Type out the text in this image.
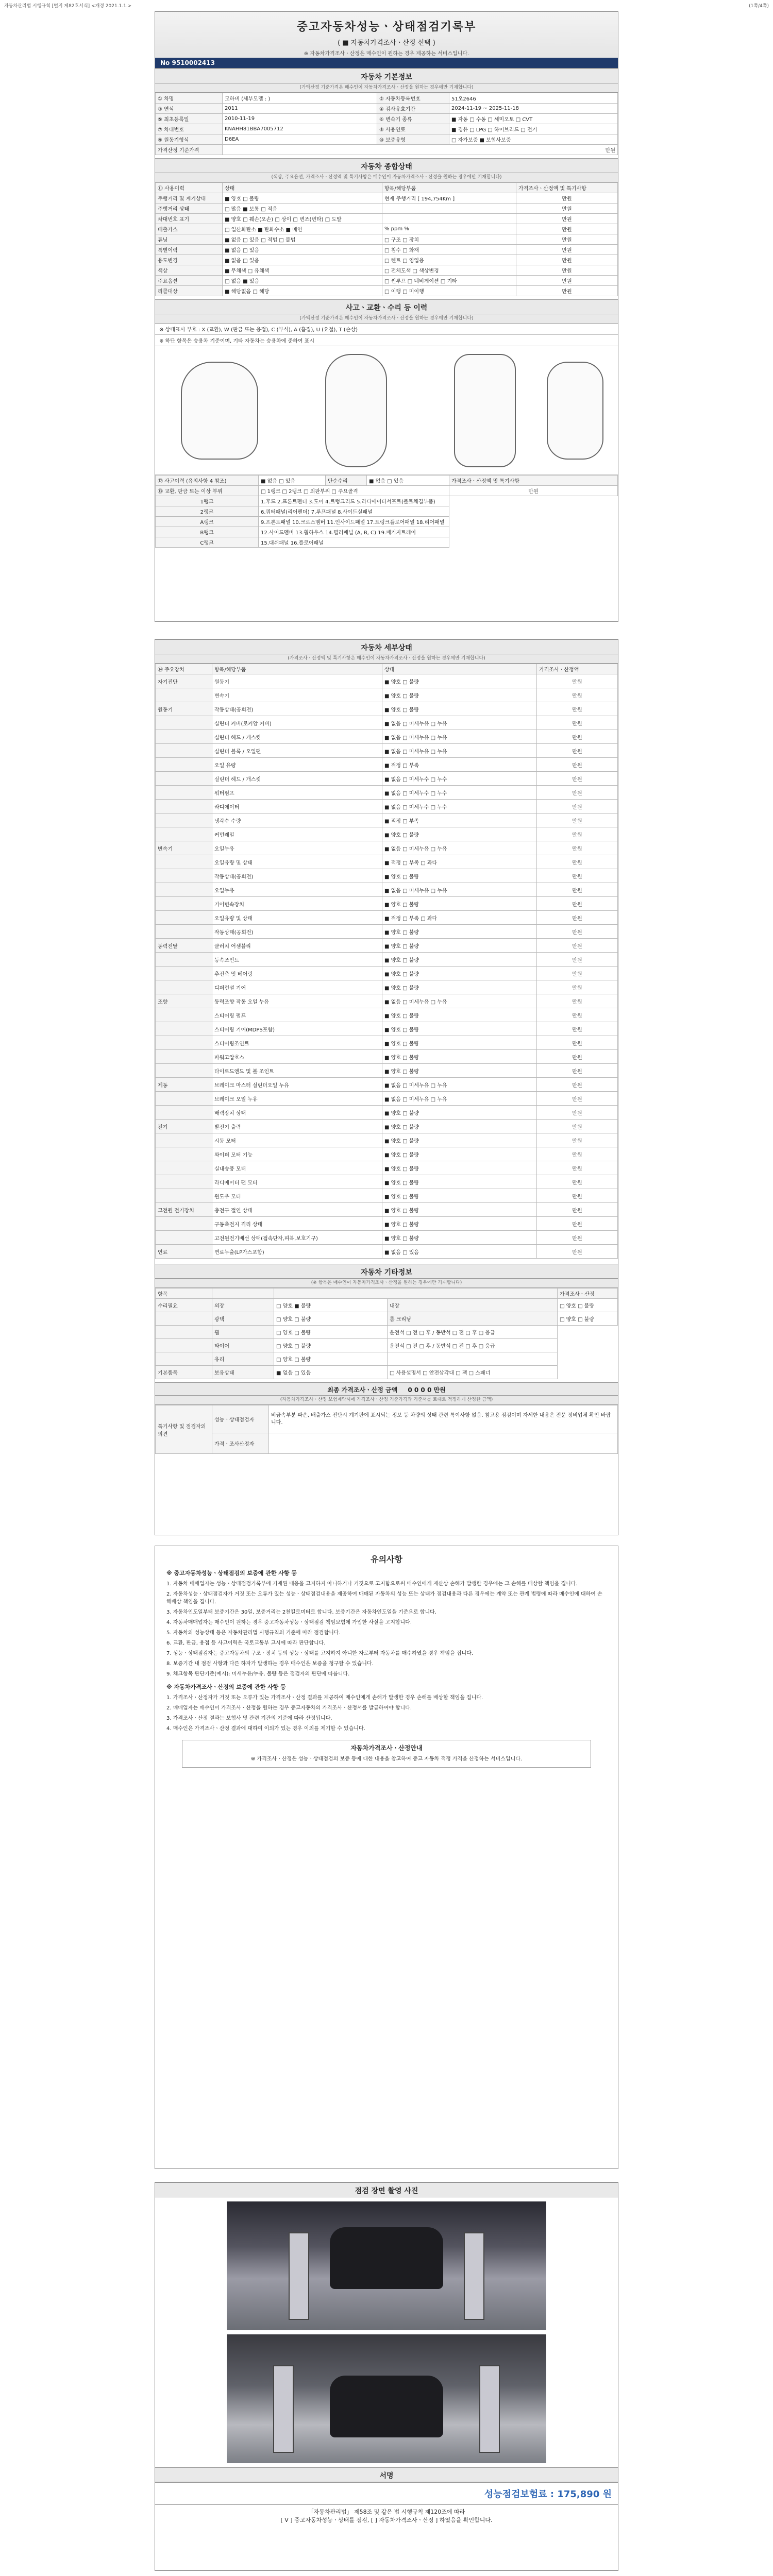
자동차관리법 시행규칙 [별지 제82호서식] <개정 2021.1.1.>	(1쪽/4쪽)
중고자동차성능ㆍ상태점검기록부
( ■ 자동차가격조사ㆍ산정 선택 )
※ 자동차가격조사ㆍ산정은 매수인이 원하는 경우 제공하는 서비스입니다.
No 9510002413
자동차 기본정보
(가액산정 기준가격은 매수인이 자동차가격조사ㆍ산정을 원하는 경우에만 기재합니다)
① 차명	모하비 (세부모델 : )	② 자동차등록번호	51오2646
③ 연식	2011	④ 검사유효기간	2024-11-19 ~ 2025-11-18
⑤ 최초등록일	2010-11-19	⑥ 변속기 종류	■ 자동 □ 수동 □ 세미오토 □ CVT
⑦ 차대번호	KNAHH81BBA7005712	⑧ 사용연료	■ 경유 □ LPG □ 하이브리드 □ 전기
⑨ 원동기형식	D6EA	⑩ 보증유형	□ 자가보증 ■ 보험사보증
가격산정 기준가격	만원		
자동차 종합상태
(색상, 주요옵션, 가격조사ㆍ산정액 및 특기사항은 매수인이 자동차가격조사ㆍ산정을 원하는 경우에만 기재합니다)
⑪ 사용이력	상태	항목/해당부품	가격조사ㆍ산정액 및 특기사항
주행거리 및 계기상태	■ 양호 □ 불량	현재 주행거리 [ 194,754Km ]	만원
주행거리 상태	□ 많음 ■ 보통 □ 적음		만원
차대번호 표기	■ 양호 □ 훼손(오손) □ 상이 □ 변조(변타) □ 도말		만원
배출가스	□ 일산화탄소 ■ 탄화수소 ■ 매연	% ppm %	만원
튜닝	■ 없음 □ 있음 □ 적법 □ 불법	□ 구조 □ 장치	만원
특별이력	■ 없음 □ 있음	□ 침수 □ 화재	만원
용도변경	■ 없음 □ 있음	□ 렌트 □ 영업용	만원
색상	■ 무채색 □ 유채색	□ 전체도색 □ 색상변경	만원
주요옵션	□ 없음 ■ 있음	□ 썬루프 □ 네비게이션 □ 기타	만원
리콜대상	■ 해당없음 □ 해당	□ 이행 □ 미이행	만원
사고ㆍ교환ㆍ수리 등 이력
(가액산정 기준가격은 매수인이 자동차가격조사ㆍ산정을 원하는 경우에만 기재합니다)
※ 상태표시 부호 : X (교환), W (판금 또는 용접), C (부식), A (흠집), U (요철), T (손상)
※ 하단 항목은 승용차 기준이며, 기타 자동차는 승용차에 준하여 표시
⑫ 사고이력 (유의사항 4 참조)	■ 없음 □ 있음	단순수리	■ 없음 □ 있음	가격조사ㆍ산정액 및 특기사항
⑬ 교환, 판금 또는 이상 부위	□ 1랭크 □ 2랭크 □ 외판부위 □ 주요골격			만원
1랭크	1.후드 2.프론트펜더 3.도어 4.트렁크리드 5.라디에이터서포트(볼트체결부품)			
2랭크	6.쿼터패널(리어펜더) 7.루프패널 8.사이드실패널			
A랭크	9.프론트패널 10.크로스멤버 11.인사이드패널 17.트렁크플로어패널 18.리어패널			
B랭크	12.사이드멤버 13.휠하우스 14.필러패널 (A, B, C) 19.패키지트레이			
C랭크	15.대쉬패널 16.플로어패널			
자동차 세부상태
(가격조사ㆍ산정액 및 특기사항은 매수인이 자동차가격조사ㆍ산정을 원하는 경우에만 기재합니다)
⑭ 주요장치	항목/해당부품	상태	가격조사ㆍ산정액
자기진단	원동기	■ 양호 □ 불량	만원
	변속기	■ 양호 □ 불량	만원
원동기	작동상태(공회전)	■ 양호 □ 불량	만원
	실린더 커버(로커암 커버)	■ 없음 □ 미세누유 □ 누유	만원
	실린더 헤드 / 개스킷	■ 없음 □ 미세누유 □ 누유	만원
	실린더 블록 / 오일팬	■ 없음 □ 미세누유 □ 누유	만원
	오일 유량	■ 적정 □ 부족	만원
	실린더 헤드 / 개스킷	■ 없음 □ 미세누수 □ 누수	만원
	워터펌프	■ 없음 □ 미세누수 □ 누수	만원
	라디에이터	■ 없음 □ 미세누수 □ 누수	만원
	냉각수 수량	■ 적정 □ 부족	만원
	커먼레일	■ 양호 □ 불량	만원
변속기	오일누유	■ 없음 □ 미세누유 □ 누유	만원
	오일유량 및 상태	■ 적정 □ 부족 □ 과다	만원
	작동상태(공회전)	■ 양호 □ 불량	만원
	오일누유	■ 없음 □ 미세누유 □ 누유	만원
	기어변속장치	■ 양호 □ 불량	만원
	오일유량 및 상태	■ 적정 □ 부족 □ 과다	만원
	작동상태(공회전)	■ 양호 □ 불량	만원
동력전달	클러치 어셈블리	■ 양호 □ 불량	만원
	등속조인트	■ 양호 □ 불량	만원
	추진축 및 베어링	■ 양호 □ 불량	만원
	디퍼런셜 기어	■ 양호 □ 불량	만원
조향	동력조향 작동 오일 누유	■ 없음 □ 미세누유 □ 누유	만원
	스티어링 펌프	■ 양호 □ 불량	만원
	스티어링 기어(MDPS포함)	■ 양호 □ 불량	만원
	스티어링조인트	■ 양호 □ 불량	만원
	파워고압호스	■ 양호 □ 불량	만원
	타이로드엔드 및 볼 조인트	■ 양호 □ 불량	만원
제동	브레이크 마스터 실린더오일 누유	■ 없음 □ 미세누유 □ 누유	만원
	브레이크 오일 누유	■ 없음 □ 미세누유 □ 누유	만원
	배력장치 상태	■ 양호 □ 불량	만원
전기	발전기 출력	■ 양호 □ 불량	만원
	시동 모터	■ 양호 □ 불량	만원
	와이퍼 모터 기능	■ 양호 □ 불량	만원
	실내송풍 모터	■ 양호 □ 불량	만원
	라디에이터 팬 모터	■ 양호 □ 불량	만원
	윈도우 모터	■ 양호 □ 불량	만원
고전원 전기장치	충전구 절연 상태	■ 양호 □ 불량	만원
	구동축전지 격리 상태	■ 양호 □ 불량	만원
	고전원전기배선 상태(접속단자,피복,보호기구)	■ 양호 □ 불량	만원
연료	연료누출(LP가스포함)	■ 없음 □ 있음	만원
자동차 기타정보
(※ 항목은 매수인이 자동차가격조사ㆍ산정을 원하는 경우에만 기재합니다)
항목				가격조사ㆍ산정
수리필요	외장	□ 양호 ■ 불량	내장	□ 양호 □ 불량
	광택	□ 양호 □ 불량	룸 크리닝	□ 양호 □ 불량
	휠	□ 양호 □ 불량	운전석 □ 전 □ 후 / 동반석 □ 전 □ 후 □ 응급	
	타이어	□ 양호 □ 불량	운전석 □ 전 □ 후 / 동반석 □ 전 □ 후 □ 응급	
	유리	□ 양호 □ 불량		
기본품목	보유상태	■ 없음 □ 있음	□ 사용설명서 □ 안전삼각대 □ 잭 □ 스패너	
최종 가격조사ㆍ산정 금액 0 0 0 0 만원
(자동차가격조사ㆍ산정 보험계약시에 가격조사ㆍ산정 기준가격과 기준서를 토대로 적정하게 산정한 금액)
특기사항 및 점검자의 의견	성능ㆍ상태점검자	비금속부분 파손, 배출가스 진단시 계기판에 표시되는 정보 등 차량의 상태 관련 특이사항 없음. 참고용 점검이며 자세한 내용은 전문 정비업체 확인 바랍니다.
	가격ㆍ조사산정자	
유의사항
※ 중고자동차성능ㆍ상태점검의 보증에 관한 사항 등

1. 자동차 매매업자는 성능ㆍ상태점검기록부에 기재된 내용을 고지하지 아니하거나 거짓으로 고지함으로써 매수인에게 재산상 손해가 발생한 경우에는 그 손해를 배상할 책임을 집니다.

2. 자동차성능ㆍ상태점검자가 거짓 또는 오류가 있는 성능ㆍ상태점검내용을 제공하여 매매된 자동차의 성능 또는 상태가 점검내용과 다른 경우에는 계약 또는 관계 법령에 따라 매수인에 대하여 손해배상 책임을 집니다.

3. 자동차인도일부터 보증기간은 30일, 보증거리는 2천킬로미터로 합니다. 보증기간은 자동차인도일을 기준으로 합니다.

4. 자동차매매업자는 매수인이 원하는 경우 중고자동차성능ㆍ상태점검 책임보험에 가입한 사실을 고지합니다.

5. 자동차의 성능상태 등은 자동차관리법 시행규칙의 기준에 따라 점검합니다.

6. 교환, 판금, 용접 등 사고이력은 국토교통부 고시에 따라 판단합니다.

7. 성능ㆍ상태점검자는 중고자동차의 구조ㆍ장치 등의 성능ㆍ상태를 고지하지 아니한 자로부터 자동차를 매수하였을 경우 책임을 집니다.

8. 보증기간 내 점검 사항과 다른 하자가 발생하는 경우 매수인은 보증을 청구할 수 있습니다.

9. 체크항목 판단기준(예시): 미세누유/누유, 불량 등은 점검자의 판단에 따릅니다.

※ 자동차가격조사ㆍ산정의 보증에 관한 사항 등

1. 가격조사ㆍ산정자가 거짓 또는 오류가 있는 가격조사ㆍ산정 결과를 제공하여 매수인에게 손해가 발생한 경우 손해를 배상할 책임을 집니다.

2. 매매업자는 매수인이 가격조사ㆍ산정을 원하는 경우 중고자동차의 가격조사ㆍ산정서를 발급하여야 합니다.

3. 가격조사ㆍ산정 결과는 보험사 및 관련 기관의 기준에 따라 산정됩니다.

4. 매수인은 가격조사ㆍ산정 결과에 대하여 이의가 있는 경우 이의를 제기할 수 있습니다.

자동차가격조사ㆍ산정안내
※ 가격조사ㆍ산정은 성능ㆍ상태점검의 보증 등에 대한 내용을 참고하여 중고 자동차 적정 가격을 산정하는 서비스입니다.
점검 장면 촬영 사진
서명
성능점검보험료 : 175,890 원
「자동차관리법」 제58조 및 같은 법 시행규칙 제120조에 따라
[ V ] 중고자동차성능ㆍ상태를 점검, [ ] 자동차가격조사ㆍ산정 ] 하였음을 확인합니다.
